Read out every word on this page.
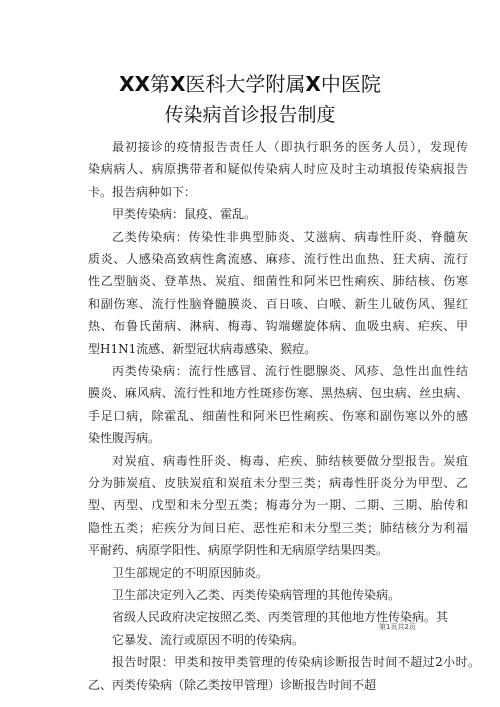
XX第X医科大学附属X中医院
传染病首诊报告制度
最初接诊的疫情报告责任人（即执行职务的医务人员），发现传
染病病人、病原携带者和疑似传染病人时应及时主动填报传染病报告
卡。报告病种如下：
甲类传染病：鼠疫、霍乱。
乙类传染病：传染性非典型肺炎、艾滋病、病毒性肝炎、脊髓灰
质炎、人感染高致病性禽流感、麻疹、流行性出血热、狂犬病、流行
性乙型脑炎、登革热、炭疽、细菌性和阿米巴性痢疾、肺结核、伤寒
和副伤寒、流行性脑脊髓膜炎、百日咳、白喉、新生儿破伤风、猩红
热、布鲁氏菌病、淋病、梅毒、钩端螺旋体病、血吸虫病、疟疾、甲
型H1N1流感、新型冠状病毒感染、猴痘。
丙类传染病：流行性感冒、流行性腮腺炎、风疹、急性出血性结
膜炎、麻风病、流行性和地方性斑疹伤寒、黑热病、包虫病、丝虫病、
手足口病，除霍乱、细菌性和阿米巴性痢疾、伤寒和副伤寒以外的感
染性腹泻病。
对炭疽、病毒性肝炎、梅毒、疟疾、肺结核要做分型报告。炭疽
分为肺炭疽、皮肤炭疽和炭疽未分型三类；病毒性肝炎分为甲型、乙
型、丙型、戊型和未分型五类；梅毒分为一期、二期、三期、胎传和
隐性五类；疟疾分为间日疟、恶性疟和未分型三类；肺结核分为利福
平耐药、病原学阳性、病原学阴性和无病原学结果四类。
卫生部规定的不明原因肺炎。
卫生部决定列入乙类、丙类传染病管理的其他传染病。
省级人民政府决定按照乙类、丙类管理的其他地方性传染病。其
它暴发、流行或原因不明的传染病。
报告时限：甲类和按甲类管理的传染病诊断报告时间不超过2小时。
乙、丙类传染病（除乙类按甲管理）诊断报告时间不超
第1页共2页
